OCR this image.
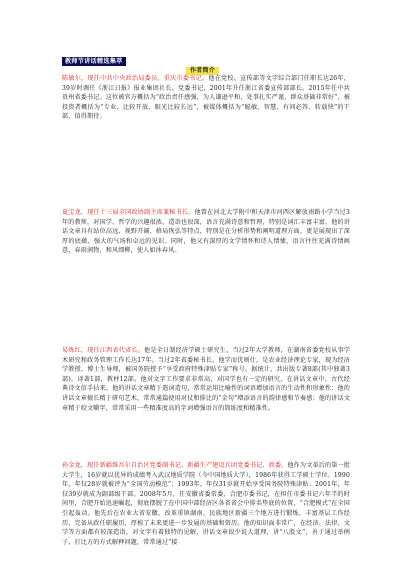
教师节讲话精选集萃
作者简介

陈敏尔，现任中共中央政治局委员、重庆市委书记。他在党校、宣传部等文字综合部门任职长达26年，39岁时调任《浙江日报》报业集团社长、党委书记，2001年升任浙江省委宣传部部长。2015年任中共贵州省委书记。这位被官方概括为“政治责任感强，为人谦逊平和，处事扎实严谨，群众基础非常好”，被投资者概括为“专业、比较开放、眼光比较长远”，被媒体概括为“聪敏、智慧、有问必答、转载快”的干部，值得期待。

夏宝龙，现任十三届全国政协副主席兼秘书长。他曾在河北大学附中和天津市河西区解放南路小学当过3年的教师，对国学、哲学的兴趣很浓，造诣也很深，语言充满诗意和哲理，特别是词汇丰富丰富。他的讲话文章具有站位高远、视野开阔、格局恢弘等特点，特别是在分析形势和阐明道理方面，更是展现出了深厚的底蕴、强大的气场和卓远的见识。同时，他又有深厚的文学情怀和诗人情愫，语言往往充满诗情画意，春雨润物，和风细柳，使人如沐春风。

易炼红，现任江西省代省长。他是全日制经济学硕士研究生，当过2年大学教师，在湖南省委党校从事学术研究和政务管理工作长达17年。当过2年省委秘书长，他学而优则仕，是农业经济理论专家，现为经济学教授、博士生导师，被国务院授予“享受政府特殊津贴专家”称号。据统计，共出版专著8部(其中独著3部)，译著1部，教材12部。他对文字工作要求非常高，对国学也有一定的研究，在讲话文章中，古代经典诗文信手拈来。他的讲话文章精于遣词造句，常常运用比喻性的词语增加语言的生动性和形象性；他的讲话文章擅长精于研句艺术，常常通篇使用对仗和排比的“金句”增添语言的韵律感和节奏感；他的讲话文章精于咬文嚼字，常常采用一些精准度高的字词增强语言的简练度和精准性。

孙金龙，现任新疆维吾尔自治区党委副书记、新疆生产建设兵团党委书记、政委。他作为文革后的第一批大学生，16岁就以优异的成绩考入武汉地质学院（今中国地质大学），1986年获得工学硕士学位。1990年，年仅28岁就被评为“全国劳动模范”；1993年，年仅31岁就开始享受国务院特殊津贴；2001年，年仅39岁就成为副部级干部。2008年5月，任安徽省委常委、合肥市委书记，在担任市委书记六年半的时间里，合肥开始迅速崛起，彻底摆脱了在中国中部经济区各省省会中排名垫底的位置，“合肥模式”在全国引起轰动。他先后在农业大省安徽、改革重镇湖南、民族地区新疆三个地方进行锻炼，丰富基层工作经历，完备从政任职履历，厚植了未来更进一步发展的基础和资历。他的知识面非常广，在经济、法律、文学等方面都有较深造诣，对文字有着独特的见解，讲话文章很少说大道理，讲“八股文”，善于通过举例子、打比方的方式解释问题，常常通过“接
